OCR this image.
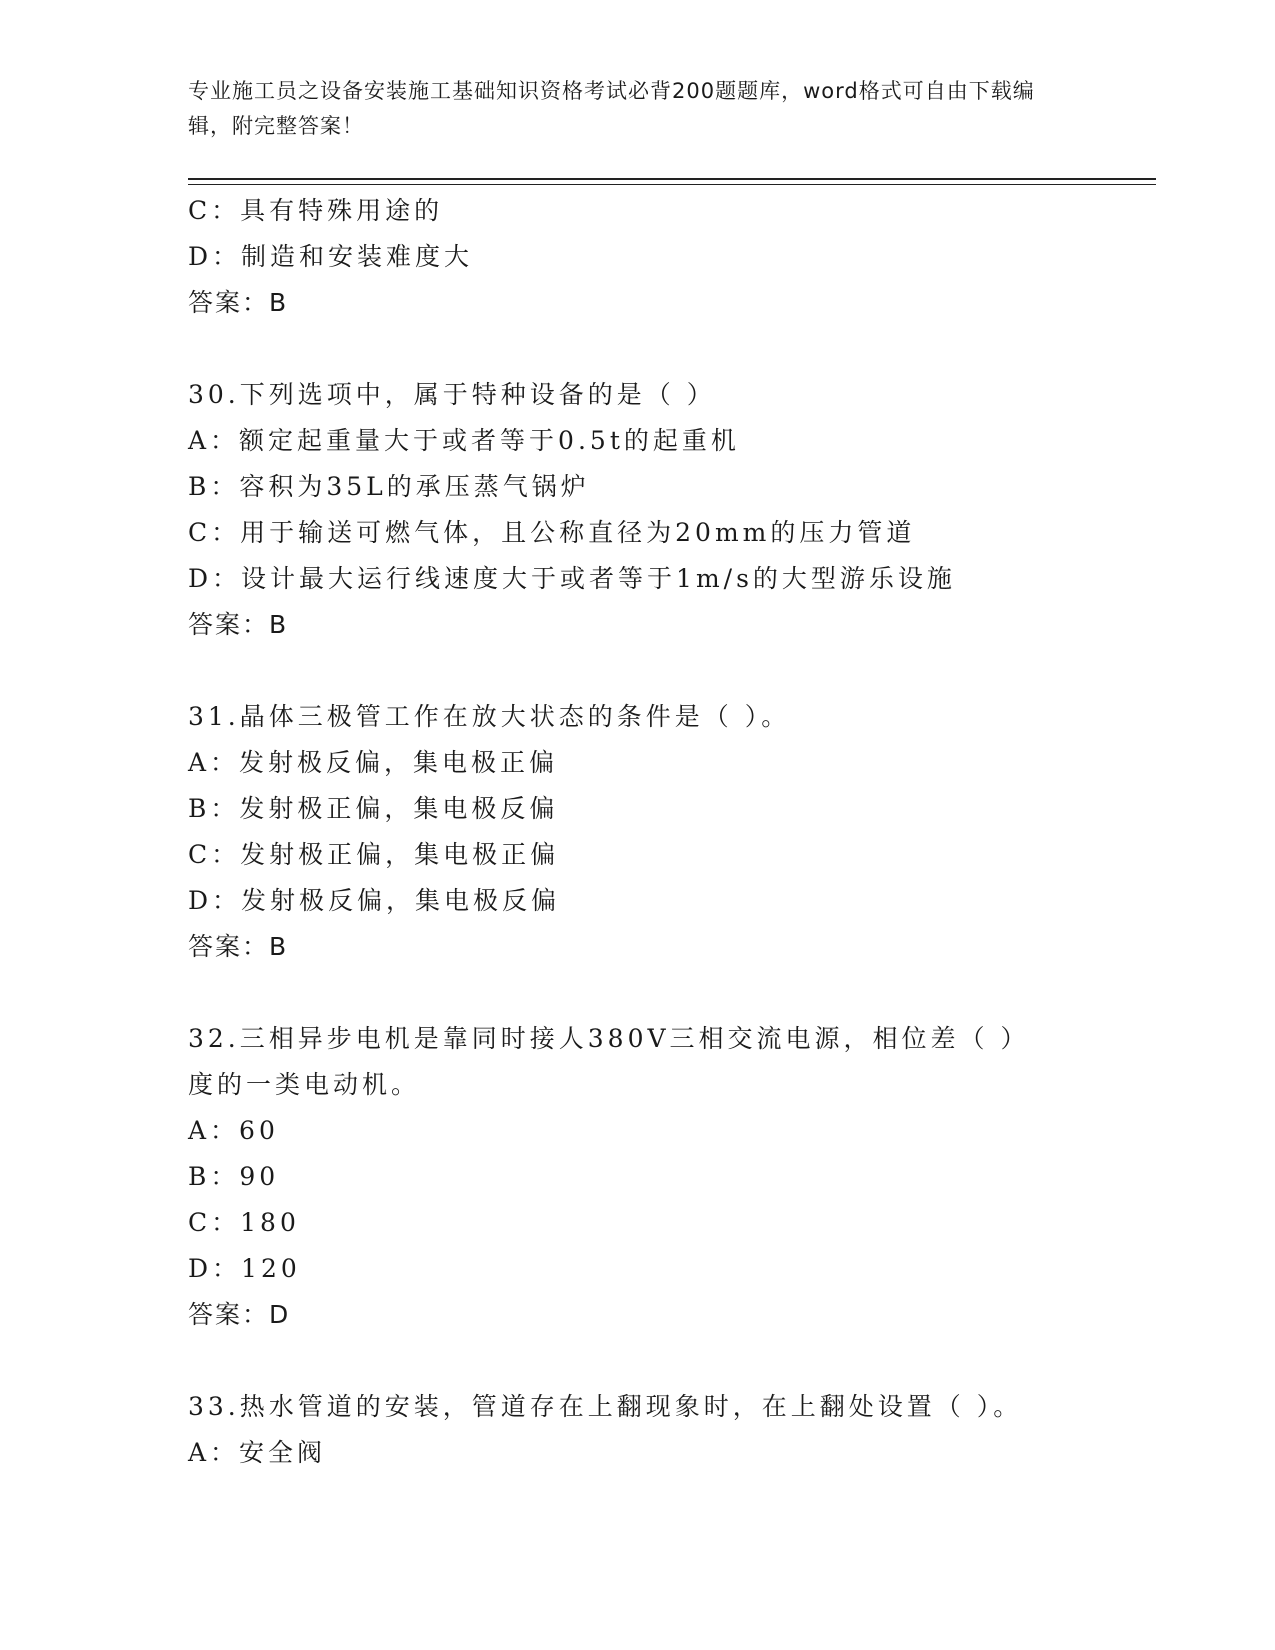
专业施工员之设备安装施工基础知识资格考试必背200题题库，word格式可自由下载编辑，附完整答案！
C：具有特殊用途的
D：制造和安装难度大
答案：B
30.下列选项中，属于特种设备的是（ ）
A：额定起重量大于或者等于0.5t的起重机
B：容积为35L的承压蒸气锅炉
C：用于输送可燃气体，且公称直径为20mm的压力管道
D：设计最大运行线速度大于或者等于1m/s的大型游乐设施
答案：B
31.晶体三极管工作在放大状态的条件是（ ）。
A：发射极反偏，集电极正偏
B：发射极正偏，集电极反偏
C：发射极正偏，集电极正偏
D：发射极反偏，集电极反偏
答案：B
32.三相异步电机是靠同时接人380V三相交流电源，相位差（ ）度的一类电动机。
A：60
B：90
C：180
D：120
答案：D
33.热水管道的安装，管道存在上翻现象时，在上翻处设置（ ）。
A：安全阀
